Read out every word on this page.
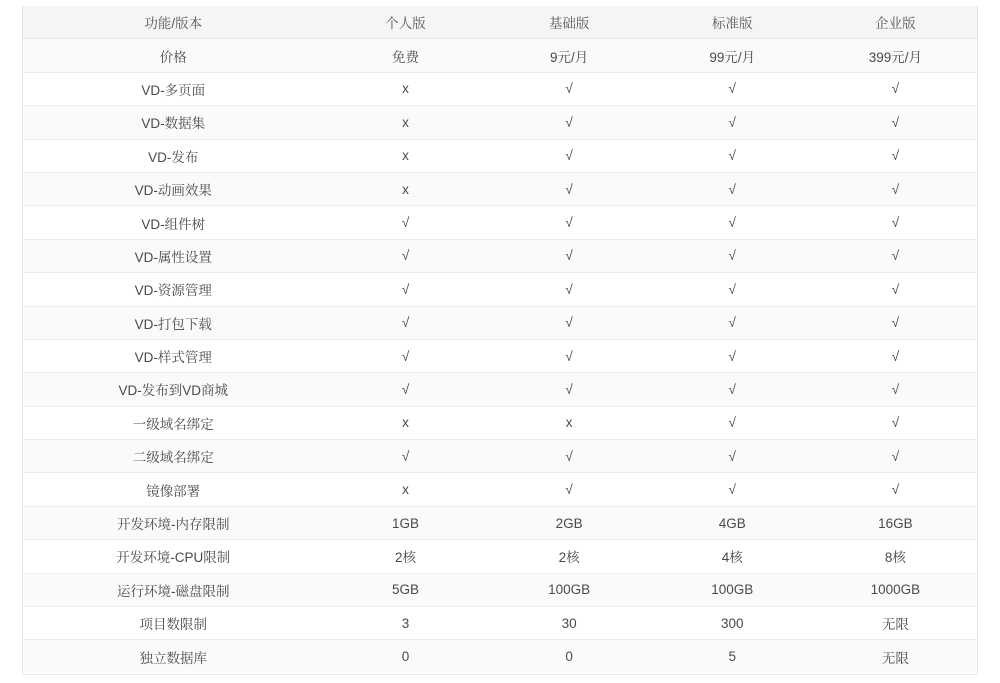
功能/版本	个人版	基础版	标准版	企业版
价格	免费	9元/月	99元/月	399元/月
VD-多页面	x	√	√	√
VD-数据集	x	√	√	√
VD-发布	x	√	√	√
VD-动画效果	x	√	√	√
VD-组件树	√	√	√	√
VD-属性设置	√	√	√	√
VD-资源管理	√	√	√	√
VD-打包下载	√	√	√	√
VD-样式管理	√	√	√	√
VD-发布到VD商城	√	√	√	√
一级域名绑定	x	x	√	√
二级域名绑定	√	√	√	√
镜像部署	x	√	√	√
开发环境-内存限制	1GB	2GB	4GB	16GB
开发环境-CPU限制	2核	2核	4核	8核
运行环境-磁盘限制	5GB	100GB	100GB	1000GB
项目数限制	3	30	300	无限
独立数据库	0	0	5	无限
